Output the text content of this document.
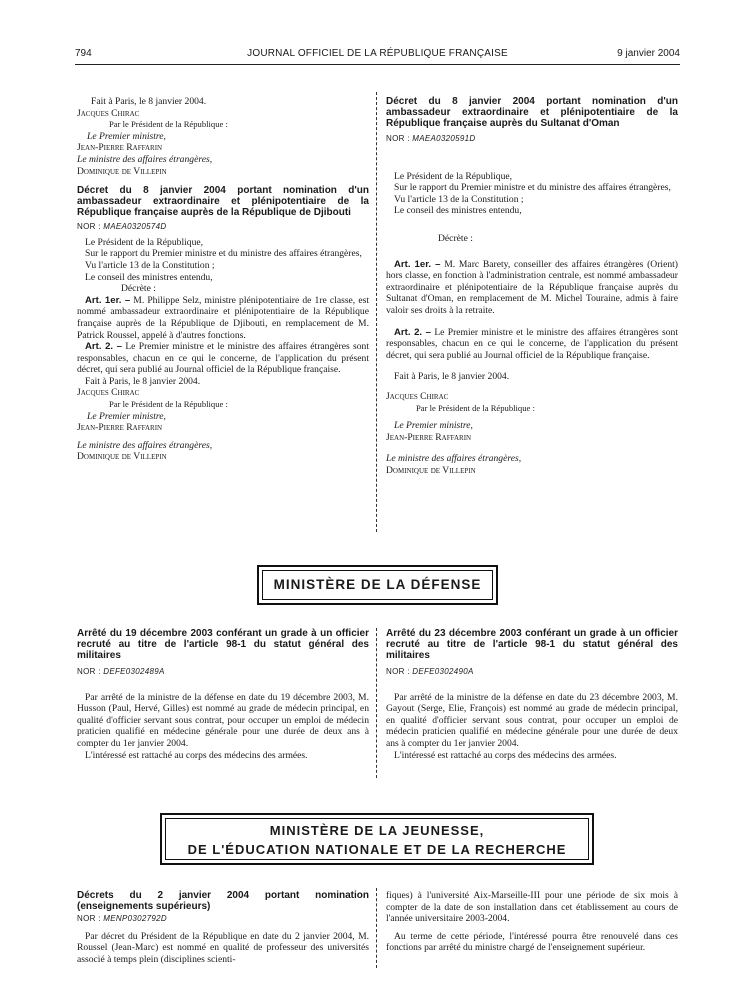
794	JOURNAL OFFICIEL DE LA RÉPUBLIQUE FRANÇAISE	9 janvier 2004

Fait à Paris, le 8 janvier 2004.

Jacques Chirac

Par le Président de la République :

Le Premier ministre,

Jean-Pierre Raffarin

Le ministre des affaires étrangères,

Dominique de Villepin

Décret du 8 janvier 2004 portant nomination d'un ambassadeur extraordinaire et plénipotentiaire de la République française auprès de la République de Djibouti

NOR : MAEA0320574D

Le Président de la République,

Sur le rapport du Premier ministre et du ministre des affaires étrangères,

Vu l'article 13 de la Constitution ;

Le conseil des ministres entendu,

Décrète :

Art. 1er. – M. Philippe Selz, ministre plénipotentiaire de 1re classe, est nommé ambassadeur extraordinaire et plénipotentiaire de la République française auprès de la République de Djibouti, en remplacement de M. Patrick Roussel, appelé à d'autres fonctions.

Art. 2. – Le Premier ministre et le ministre des affaires étrangères sont responsables, chacun en ce qui le concerne, de l'application du présent décret, qui sera publié au Journal officiel de la République française.

Fait à Paris, le 8 janvier 2004.

Jacques Chirac

Par le Président de la République :

Le Premier ministre,

Jean-Pierre Raffarin

Le ministre des affaires étrangères,

Dominique de Villepin

Décret du 8 janvier 2004 portant nomination d'un ambassadeur extraordinaire et plénipotentiaire de la République française auprès du Sultanat d'Oman

NOR : MAEA0320591D

Le Président de la République,

Sur le rapport du Premier ministre et du ministre des affaires étrangères,

Vu l'article 13 de la Constitution ;

Le conseil des ministres entendu,

Décrète :

Art. 1er. – M. Marc Barety, conseiller des affaires étrangères (Orient) hors classe, en fonction à l'administration centrale, est nommé ambassadeur extraordinaire et plénipotentiaire de la République française auprès du Sultanat d'Oman, en remplacement de M. Michel Touraine, admis à faire valoir ses droits à la retraite.

Art. 2. – Le Premier ministre et le ministre des affaires étrangères sont responsables, chacun en ce qui le concerne, de l'application du présent décret, qui sera publié au Journal officiel de la République française.

Fait à Paris, le 8 janvier 2004.

Jacques Chirac

Par le Président de la République :

Le Premier ministre,

Jean-Pierre Raffarin

Le ministre des affaires étrangères,

Dominique de Villepin

MINISTÈRE DE LA DÉFENSE

Arrêté du 19 décembre 2003 conférant un grade à un officier recruté au titre de l'article 98-1 du statut général des militaires

NOR : DEFE0302489A

Par arrêté de la ministre de la défense en date du 19 décembre 2003, M. Husson (Paul, Hervé, Gilles) est nommé au grade de médecin principal, en qualité d'officier servant sous contrat, pour occuper un emploi de médecin praticien qualifié en médecine générale pour une durée de deux ans à compter du 1er janvier 2004.

L'intéressé est rattaché au corps des médecins des armées.

Arrêté du 23 décembre 2003 conférant un grade à un officier recruté au titre de l'article 98-1 du statut général des militaires

NOR : DEFE0302490A

Par arrêté de la ministre de la défense en date du 23 décembre 2003, M. Gayout (Serge, Elie, François) est nommé au grade de médecin principal, en qualité d'officier servant sous contrat, pour occuper un emploi de médecin praticien qualifié en médecine générale pour une durée de deux ans à compter du 1er janvier 2004.

L'intéressé est rattaché au corps des médecins des armées.

MINISTÈRE DE LA JEUNESSE,
DE L'ÉDUCATION NATIONALE ET DE LA RECHERCHE

Décrets du 2 janvier 2004 portant nomination (enseignements supérieurs)

NOR : MENP0302792D

Par décret du Président de la République en date du 2 janvier 2004, M. Roussel (Jean-Marc) est nommé en qualité de professeur des universités associé à temps plein (disciplines scienti-

fiques) à l'université Aix-Marseille-III pour une période de six mois à compter de la date de son installation dans cet établissement au cours de l'année universitaire 2003-2004.

Au terme de cette période, l'intéressé pourra être renouvelé dans ces fonctions par arrêté du ministre chargé de l'enseignement supérieur.
